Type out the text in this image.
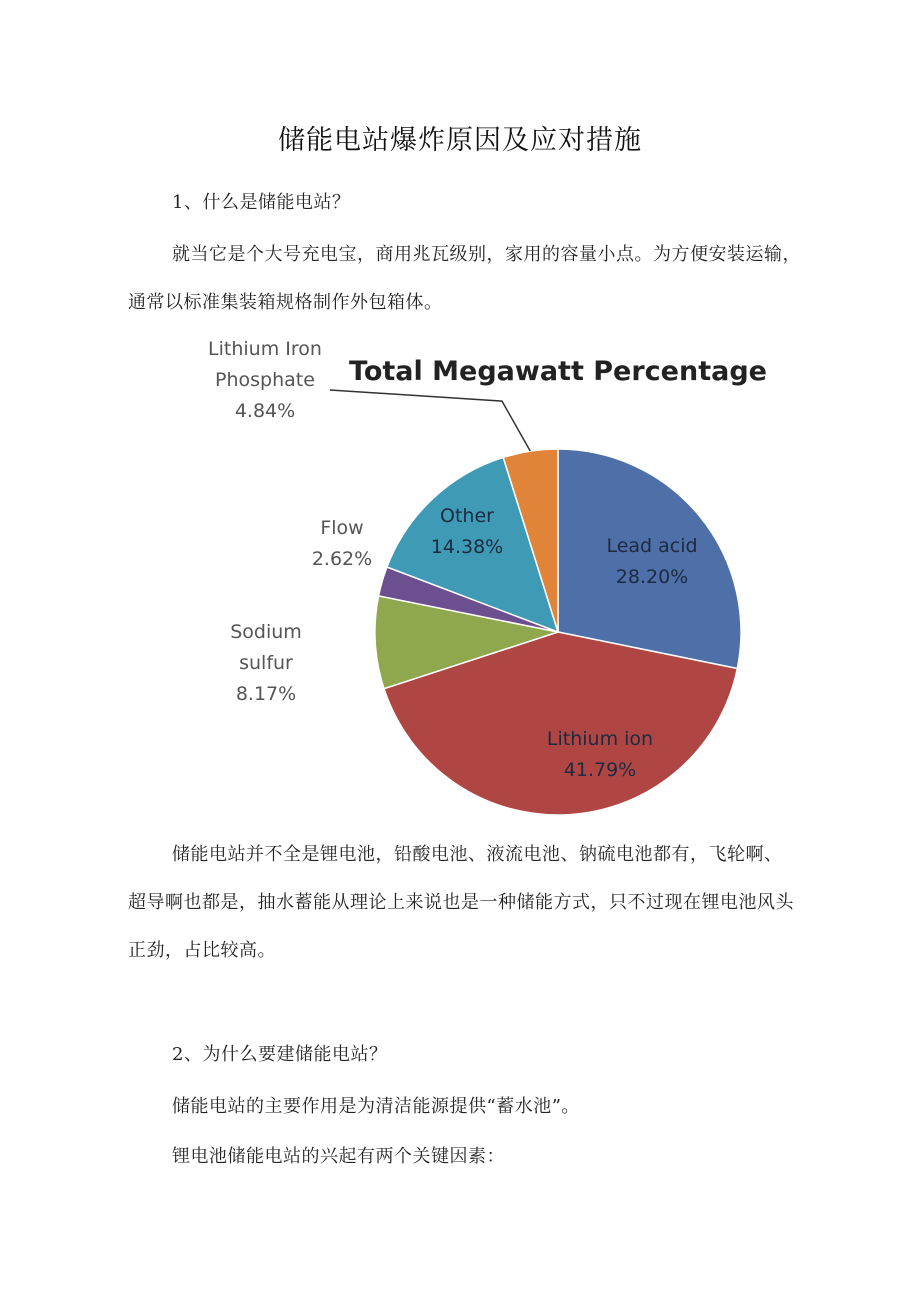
储能电站爆炸原因及应对措施
1、什么是储能电站？
就当它是个大号充电宝，商用兆瓦级别，家用的容量小点。为方便安装运输，
通常以标准集装箱规格制作外包箱体。
Total Megawatt Percentage
Lead acid 28.20%
Lithium ion 41.79%
Sodium sulfur 8.17%
Flow 2.62%
Other 14.38%
Lithium Iron Phosphate 4.84%
储能电站并不全是锂电池，铅酸电池、液流电池、钠硫电池都有，飞轮啊、
超导啊也都是，抽水蓄能从理论上来说也是一种储能方式，只不过现在锂电池风头
正劲，占比较高。
2、为什么要建储能电站？
储能电站的主要作用是为清洁能源提供“蓄水池”。
锂电池储能电站的兴起有两个关键因素：
